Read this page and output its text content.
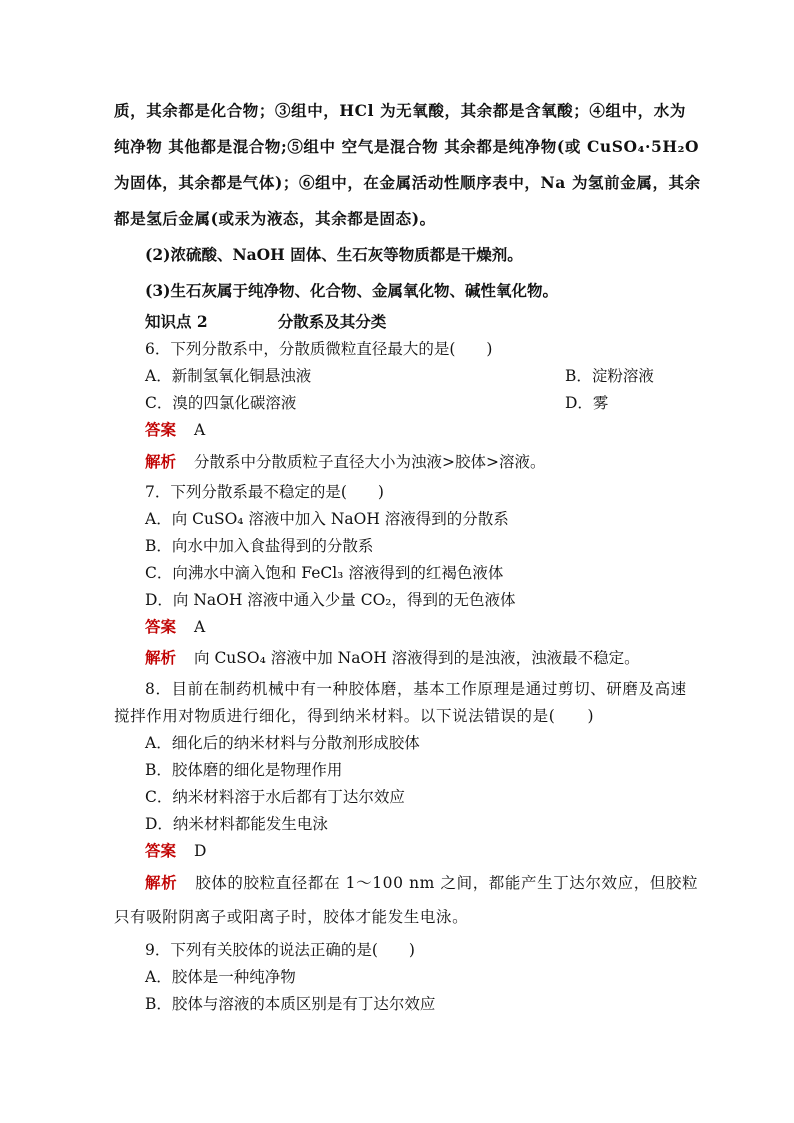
质，其余都是化合物；③组中，HCl 为无氧酸，其余都是含氧酸；④组中，水为
纯净物 其他都是混合物;⑤组中 空气是混合物 其余都是纯净物(或 CuSO₄·5H₂O
为固体，其余都是气体)；⑥组中，在金属活动性顺序表中，Na 为氢前金属，其余
都是氢后金属(或汞为液态，其余都是固态)。
(2)浓硫酸、NaOH 固体、生石灰等物质都是干燥剂。
(3)生石灰属于纯净物、化合物、金属氧化物、碱性氧化物。
知识点 2	分散系及其分类
6．下列分散系中，分散质微粒直径最大的是(　　)
A．新制氢氧化铜悬浊液	B．淀粉溶液
C．溴的四氯化碳溶液	D．雾
答案 A
解析 分散系中分散质粒子直径大小为浊液>胶体>溶液。
7．下列分散系最不稳定的是(　　)
A．向 CuSO₄ 溶液中加入 NaOH 溶液得到的分散系
B．向水中加入食盐得到的分散系
C．向沸水中滴入饱和 FeCl₃ 溶液得到的红褐色液体
D．向 NaOH 溶液中通入少量 CO₂，得到的无色液体
答案 A
解析 向 CuSO₄ 溶液中加 NaOH 溶液得到的是浊液，浊液最不稳定。
8．目前在制药机械中有一种胶体磨，基本工作原理是通过剪切、研磨及高速
搅拌作用对物质进行细化，得到纳米材料。以下说法错误的是(　　)
A．细化后的纳米材料与分散剂形成胶体
B．胶体磨的细化是物理作用
C．纳米材料溶于水后都有丁达尔效应
D．纳米材料都能发生电泳
答案 D
解析 胶体的胶粒直径都在 1～100 nm 之间，都能产生丁达尔效应，但胶粒
只有吸附阴离子或阳离子时，胶体才能发生电泳。
9．下列有关胶体的说法正确的是(　　)
A．胶体是一种纯净物
B．胶体与溶液的本质区别是有丁达尔效应
